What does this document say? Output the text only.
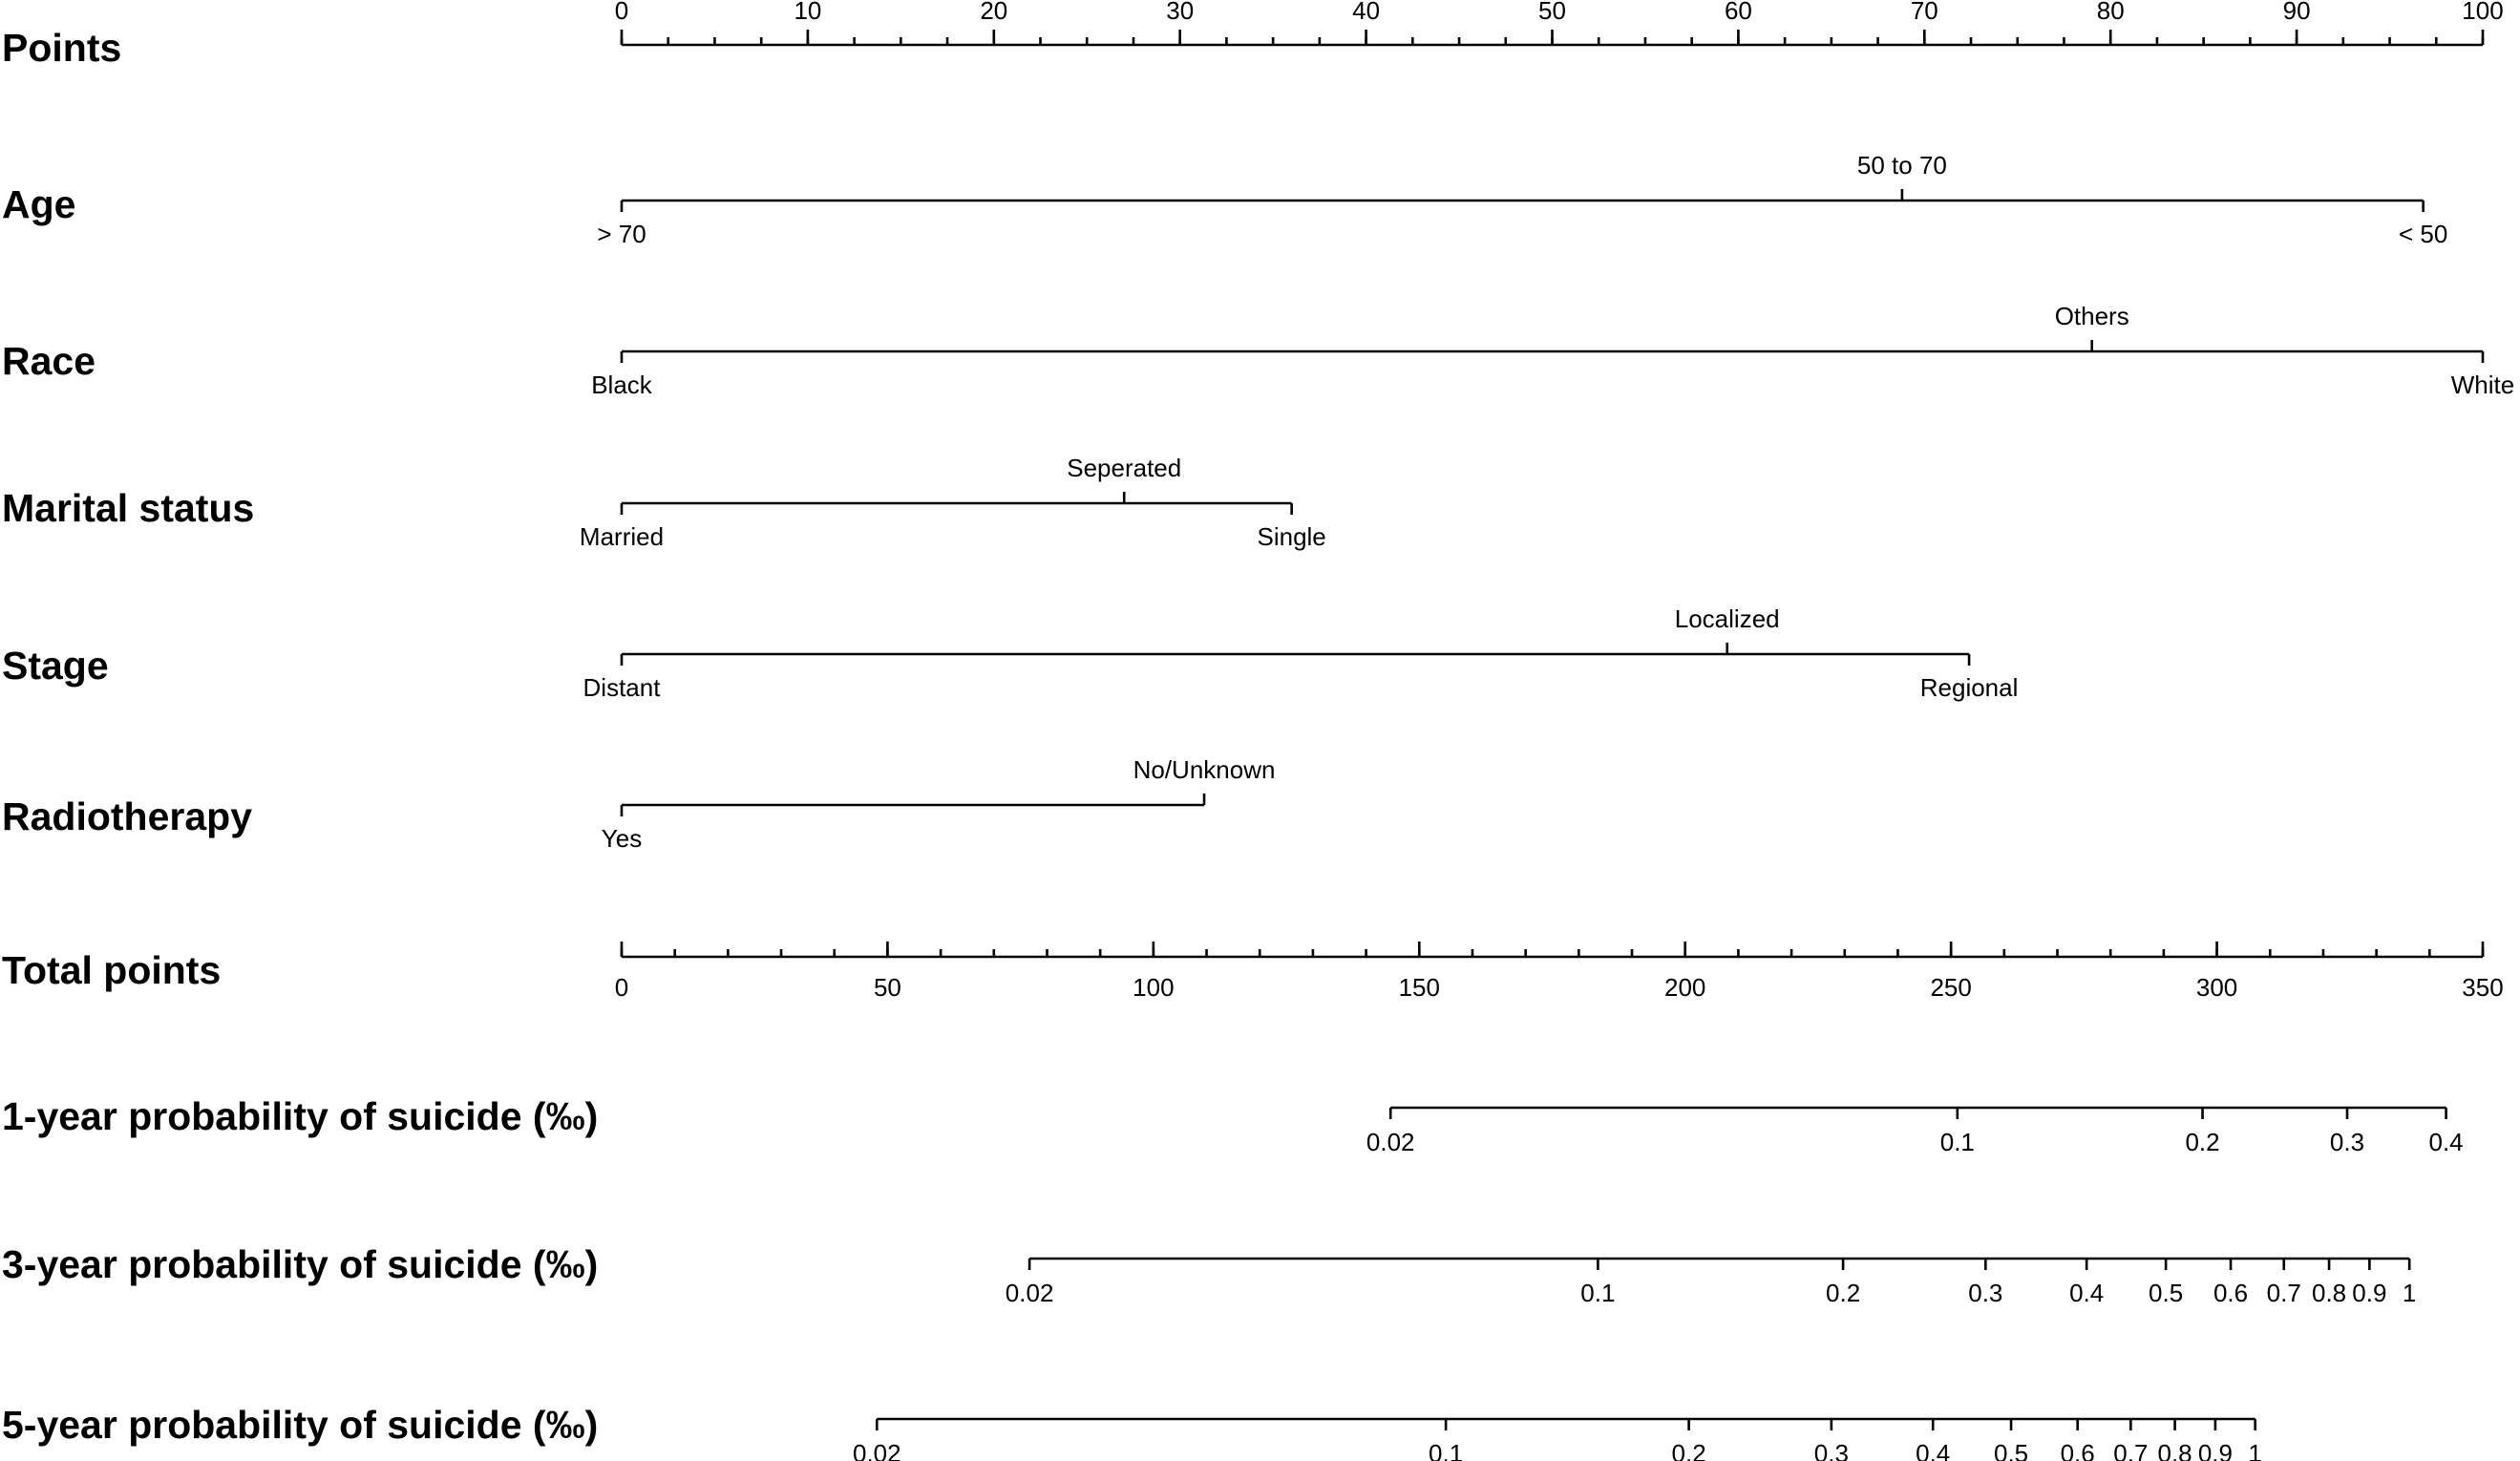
Points
Age
Race
Marital status
Stage
Radiotherapy
Total points
1-year probability of suicide (‰)
3-year probability of suicide (‰)
5-year probability of suicide (‰)
0	10	20	30	40	50	60	70	80	90	100
> 70
50 to 70
< 50
Black
Others
White
Married
Seperated
Single
Distant
Localized
Regional
Yes
No/Unknown
0	50	100	150	200	250	300	350
0.02	0.1	0.2	0.3	0.4
0.02	0.1	0.2	0.3	0.4 0.5 0.6 0.7 0.8 0.9 1
0.02	0.1	0.2	0.3	0.4 0.5 0.6 0.7 0.8 0.9 1
